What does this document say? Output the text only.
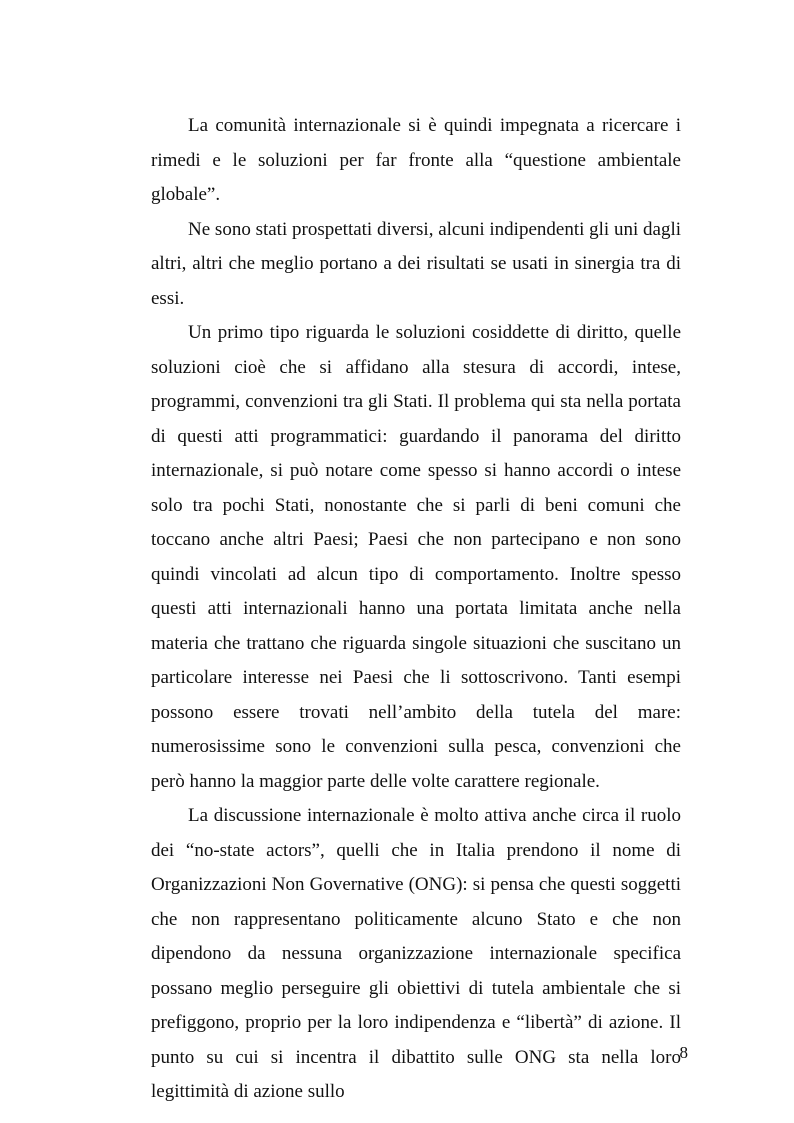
La comunità internazionale si è quindi impegnata a ricercare i rimedi e le soluzioni per far fronte alla “questione ambientale globale”.

Ne sono stati prospettati diversi, alcuni indipendenti gli uni dagli altri, altri che meglio portano a dei risultati se usati in sinergia tra di essi.

Un primo tipo riguarda le soluzioni cosiddette di diritto, quelle soluzioni cioè che si affidano alla stesura di accordi, intese, programmi, convenzioni tra gli Stati. Il problema qui sta nella portata di questi atti programmatici: guardando il panorama del diritto internazionale, si può notare come spesso si hanno accordi o intese solo tra pochi Stati, nonostante che si parli di beni comuni che toccano anche altri Paesi; Paesi che non partecipano e non sono quindi vincolati ad alcun tipo di comportamento. Inoltre spesso questi atti internazionali hanno una portata limitata anche nella materia che trattano che riguarda singole situazioni che suscitano un particolare interesse nei Paesi che li sottoscrivono. Tanti esempi possono essere trovati nell’ambito della tutela del mare: numerosissime sono le convenzioni sulla pesca, convenzioni che però hanno la maggior parte delle volte carattere regionale.

La discussione internazionale è molto attiva anche circa il ruolo dei “no-state actors”, quelli che in Italia prendono il nome di Organizzazioni Non Governative (ONG): si pensa che questi soggetti che non rappresentano politicamente alcuno Stato e che non dipendono da nessuna organizzazione internazionale specifica possano meglio perseguire gli obiettivi di tutela ambientale che si prefiggono, proprio per la loro indipendenza e “libertà” di azione. Il punto su cui si incentra il dibattito sulle ONG sta nella loro legittimità di azione sullo

8
